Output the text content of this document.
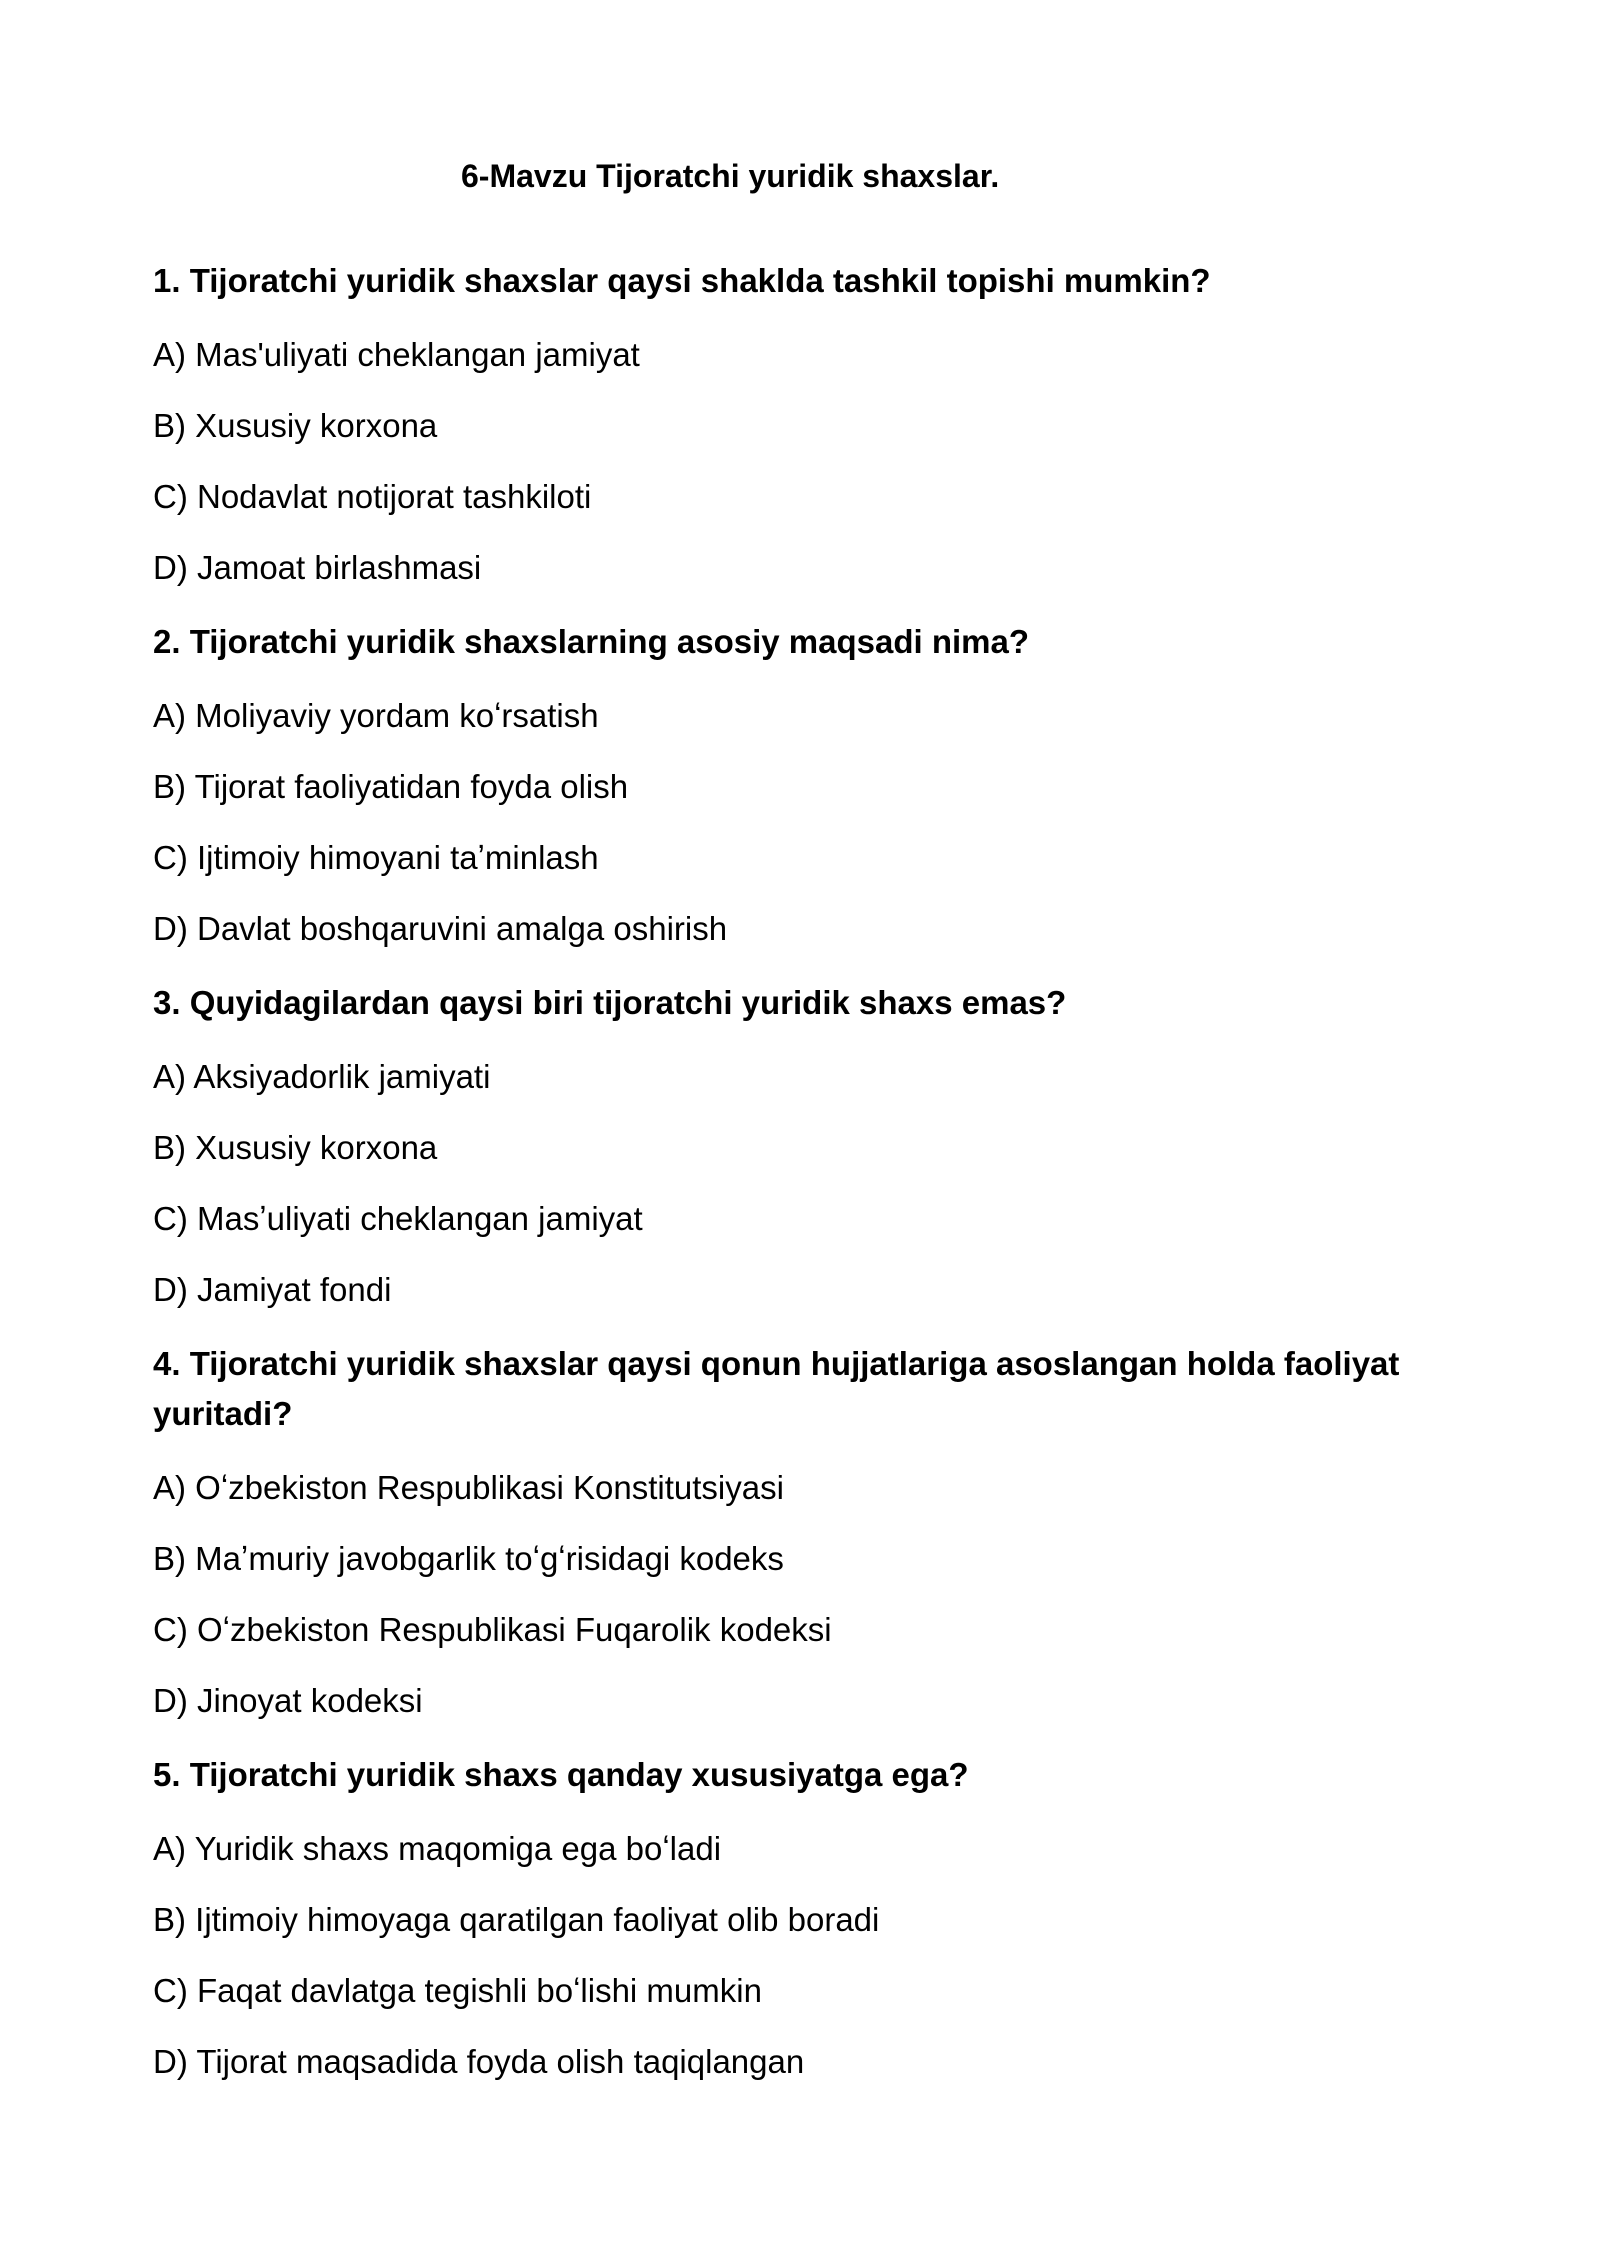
6-Mavzu Tijoratchi yuridik shaxslar.
1. Tijoratchi yuridik shaxslar qaysi shaklda tashkil topishi mumkin?
A) Mas'uliyati cheklangan jamiyat
B) Xususiy korxona
C) Nodavlat notijorat tashkiloti
D) Jamoat birlashmasi
2. Tijoratchi yuridik shaxslarning asosiy maqsadi nima?
A) Moliyaviy yordam koʻrsatish
B) Tijorat faoliyatidan foyda olish
C) Ijtimoiy himoyani taʼminlash
D) Davlat boshqaruvini amalga oshirish
3. Quyidagilardan qaysi biri tijoratchi yuridik shaxs emas?
A) Aksiyadorlik jamiyati
B) Xususiy korxona
C) Masʼuliyati cheklangan jamiyat
D) Jamiyat fondi
4. Tijoratchi yuridik shaxslar qaysi qonun hujjatlariga asoslangan holda faoliyat yuritadi?
A) Oʻzbekiston Respublikasi Konstitutsiyasi
B) Maʼmuriy javobgarlik toʻgʻrisidagi kodeks
C) Oʻzbekiston Respublikasi Fuqarolik kodeksi
D) Jinoyat kodeksi
5. Tijoratchi yuridik shaxs qanday xususiyatga ega?
A) Yuridik shaxs maqomiga ega boʻladi
B) Ijtimoiy himoyaga qaratilgan faoliyat olib boradi
C) Faqat davlatga tegishli boʻlishi mumkin
D) Tijorat maqsadida foyda olish taqiqlangan
